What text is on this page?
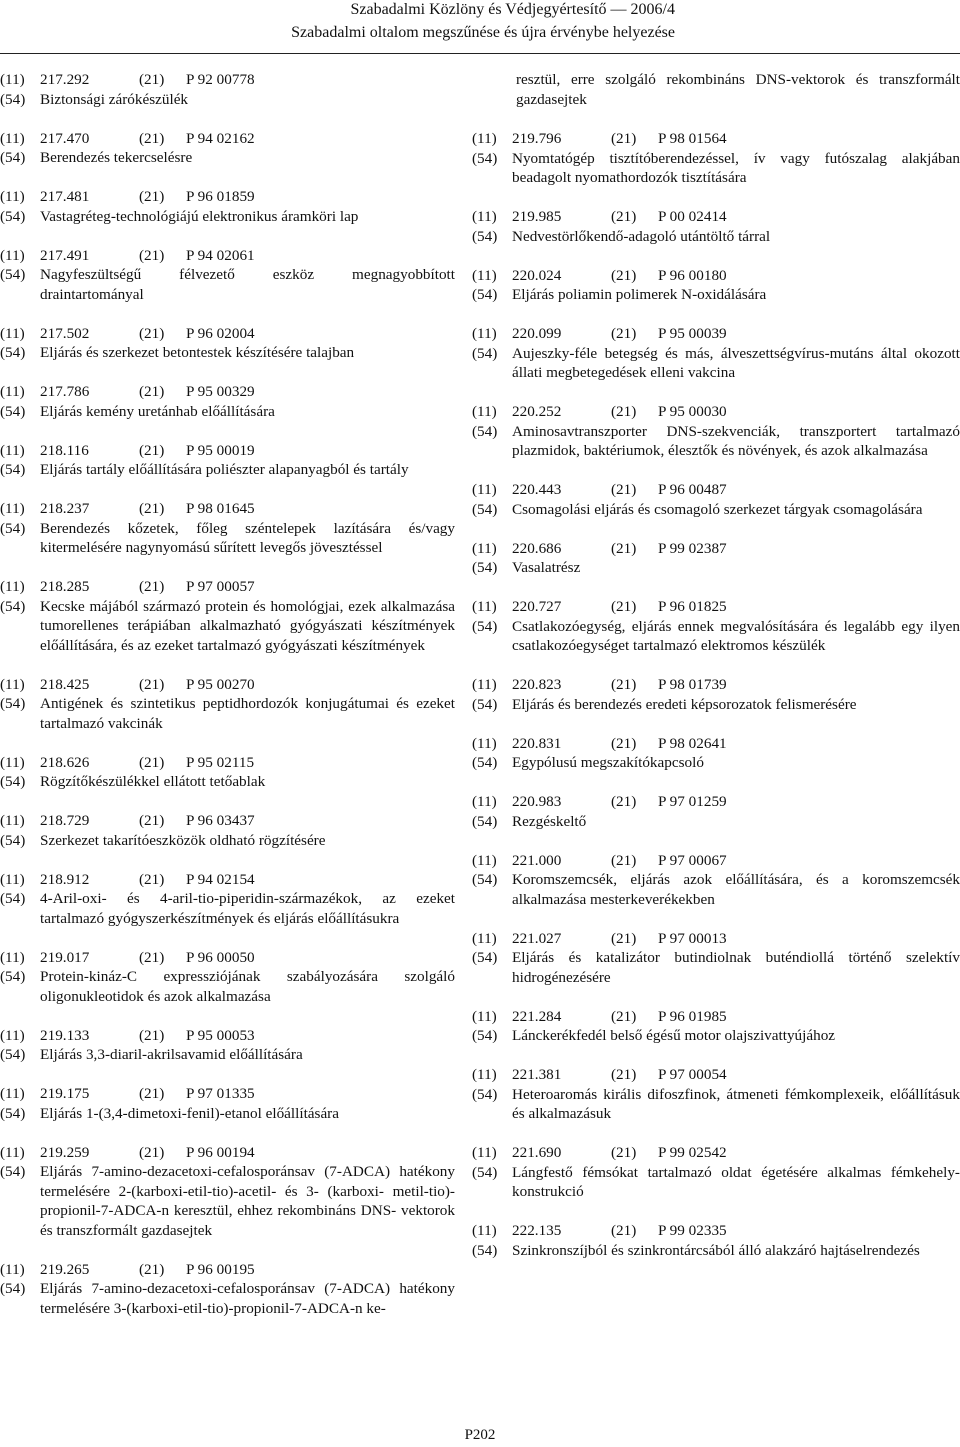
Szabadalmi Közlöny és Védjegyértesítő — 2006/4
Szabadalmi oltalom megszűnése és újra érvénybe helyezése
(11)	217.292	(21)	P 92 00778
(54) Biztonsági zárókészülék
(11)	217.470	(21)	P 94 02162
(54) Berendezés tekercselésre
(11)	217.481	(21)	P 96 01859
(54) Vastagréteg-technológiájú elektronikus áramköri lap
(11)	217.491	(21)	P 94 02061
(54) Nagyfeszültségű félvezető eszköz megnagyobbított draintartományal
(11)	217.502	(21)	P 96 02004
(54) Eljárás és szerkezet betontestek készítésére talajban
(11)	217.786	(21)	P 95 00329
(54) Eljárás kemény uretánhab előállítására
(11)	218.116	(21)	P 95 00019
(54) Eljárás tartály előállítására poliészter alapanyagból és tartály
(11)	218.237	(21)	P 98 01645
(54) Berendezés kőzetek, főleg széntelepek lazítására és/vagy kitermelésére nagynyomású sűrített levegős jövesztéssel
(11)	218.285	(21)	P 97 00057
(54) Kecske májából származó protein és homológjai, ezek alkalmazása tumorellenes terápiában alkalmazható gyógyászati készítmények előállítására, és az ezeket tartalmazó gyógyászati készítmények
(11)	218.425	(21)	P 95 00270
(54) Antigének és szintetikus peptidhordozók konjugátumai és ezeket tartalmazó vakcinák
(11)	218.626	(21)	P 95 02115
(54) Rögzítőkészülékkel ellátott tetőablak
(11)	218.729	(21)	P 96 03437
(54) Szerkezet takarítóeszközök oldható rögzítésére
(11)	218.912	(21)	P 94 02154
(54) 4-Aril-oxi- és 4-aril-tio-piperidin-származékok, az ezeket tartalmazó gyógyszerkészítmények és eljárás előállításukra
(11)	219.017	(21)	P 96 00050
(54) Protein-kináz-C expressziójának szabályozására szolgáló oligonukleotidok és azok alkalmazása
(11)	219.133	(21)	P 95 00053
(54) Eljárás 3,3-diaril-akrilsavamid előállítására
(11)	219.175	(21)	P 97 01335
(54) Eljárás 1-(3,4-dimetoxi-fenil)-etanol előállítására
(11)	219.259	(21)	P 96 00194
(54) Eljárás 7-amino-dezacetoxi-cefalosporánsav (7-ADCA) hatékony termelésére 2-(karboxi-etil-tio)-acetil- és 3- (karboxi- metil-tio)-propionil-7-ADCA-n keresztül, ehhez rekombináns DNS- vektorok és transzformált gazdasejtek
(11)	219.265	(21)	P 96 00195
(54) Eljárás 7-amino-dezacetoxi-cefalosporánsav (7-ADCA) hatékony termelésére 3-(karboxi-etil-tio)-propionil-7-ADCA-n ke-
resztül, erre szolgáló rekombináns DNS-vektorok és transzformált gazdasejtek
(11)	219.796	(21)	P 98 01564
(54) Nyomtatógép tisztítóberendezéssel, ív vagy futószalag alakjában beadagolt nyomathordozók tisztítására
(11)	219.985	(21)	P 00 02414
(54) Nedvestörlőkendő-adagoló utántöltő tárral
(11)	220.024	(21)	P 96 00180
(54) Eljárás poliamin polimerek N-oxidálására
(11)	220.099	(21)	P 95 00039
(54) Aujeszky-féle betegség és más, álveszettségvírus-mutáns által okozott állati megbetegedések elleni vakcina
(11)	220.252	(21)	P 95 00030
(54) Aminosavtranszporter DNS-szekvenciák, transzportert tartalmazó plazmidok, baktériumok, élesztők és növények, és azok alkalmazása
(11)	220.443	(21)	P 96 00487
(54) Csomagolási eljárás és csomagoló szerkezet tárgyak csomagolására
(11)	220.686	(21)	P 99 02387
(54) Vasalatrész
(11)	220.727	(21)	P 96 01825
(54) Csatlakozóegység, eljárás ennek megvalósítására és legalább egy ilyen csatlakozóegységet tartalmazó elektromos készülék
(11)	220.823	(21)	P 98 01739
(54) Eljárás és berendezés eredeti képsorozatok felismerésére
(11)	220.831	(21)	P 98 02641
(54) Egypólusú megszakítókapcsoló
(11)	220.983	(21)	P 97 01259
(54) Rezgéskeltő
(11)	221.000	(21)	P 97 00067
(54) Koromszemcsék, eljárás azok előállítására, és a koromszemcsék alkalmazása mesterkeverékekben
(11)	221.027	(21)	P 97 00013
(54) Eljárás és katalizátor butindiolnak buténdiollá történő szelektív hidrogénezésére
(11)	221.284	(21)	P 96 01985
(54) Lánckerékfedél belső égésű motor olajszivattyújához
(11)	221.381	(21)	P 97 00054
(54) Heteroaromás királis difoszfinok, átmeneti fémkomplexeik, előállításuk és alkalmazásuk
(11)	221.690	(21)	P 99 02542
(54) Lángfestő fémsókat tartalmazó oldat égetésére alkalmas fémkehely-konstrukció
(11)	222.135	(21)	P 99 02335
(54) Szinkronszíjból és szinkrontárcsából álló alakzáró hajtáselrendezés
P202
